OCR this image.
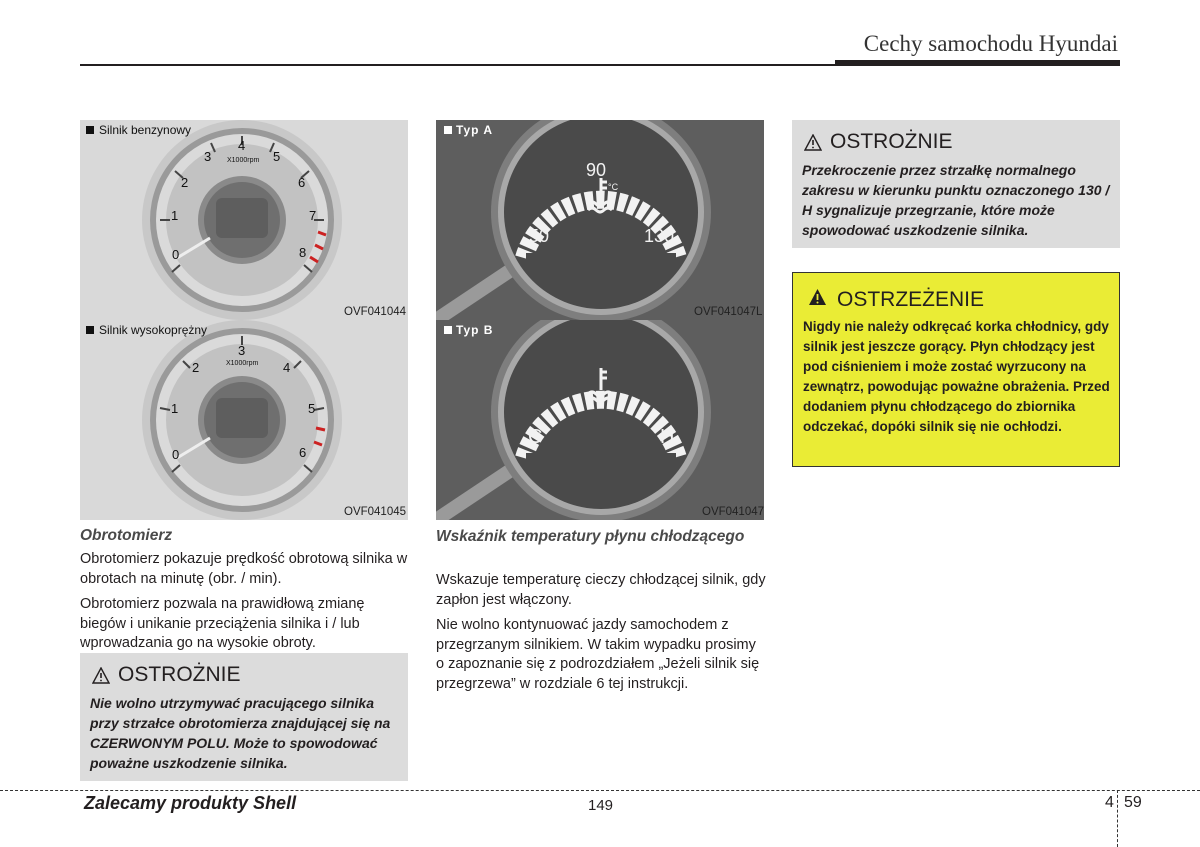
Cechy samochodu Hyundai
Silnik benzynowy
X1000rpm
0
1
2
3
4
5
6
7
8
OVF041044
Silnik wysokoprężny
X1000rpm
0
1
2
3
4
5
6
OVF041045
Typ A
90
°C
50	130
OVF041047L
Typ B
C	H
OVF041047
Obrotomierz

Obrotomierz pokazuje prędkość obrotową silnika w obrotach na minutę (obr. / min).

Obrotomierz pozwala na prawidłową zmianę biegów i unikanie przeciążenia silnika i / lub wprowadzania go na wysokie obroty.

OSTROŻNIE
Nie wolno utrzymywać pracującego silnika przy strzałce obrotomierza znajdującej się na CZERWONYM POLU. Może to spowodować poważne uszkodzenie silnika.
Wskaźnik temperatury płynu chłodzącego

Wskazuje temperaturę cieczy chłodzącej silnik, gdy zapłon jest włączony.

Nie wolno kontynuować jazdy samochodem z przegrzanym silnikiem. W takim wypadku prosimy o zapoznanie się z podrozdziałem „Jeżeli silnik się przegrzewa” w rozdziale 6 tej instrukcji.

OSTROŻNIE
Przekroczenie przez strzałkę normalnego zakresu w kierunku punktu oznaczonego 130 / H sygnalizuje przegrzanie, które może spowodować uszkodzenie silnika.
OSTRZEŻENIE
Nigdy nie należy odkręcać korka chłodnicy, gdy silnik jest jeszcze gorący. Płyn chłodzący jest pod ciśnieniem i może zostać wyrzucony na zewnątrz, powodując poważne obrażenia. Przed dodaniem płynu chłodzącego do zbiornika odczekać, dopóki silnik się nie ochłodzi.
Zalecamy produkty Shell	149	4 59
